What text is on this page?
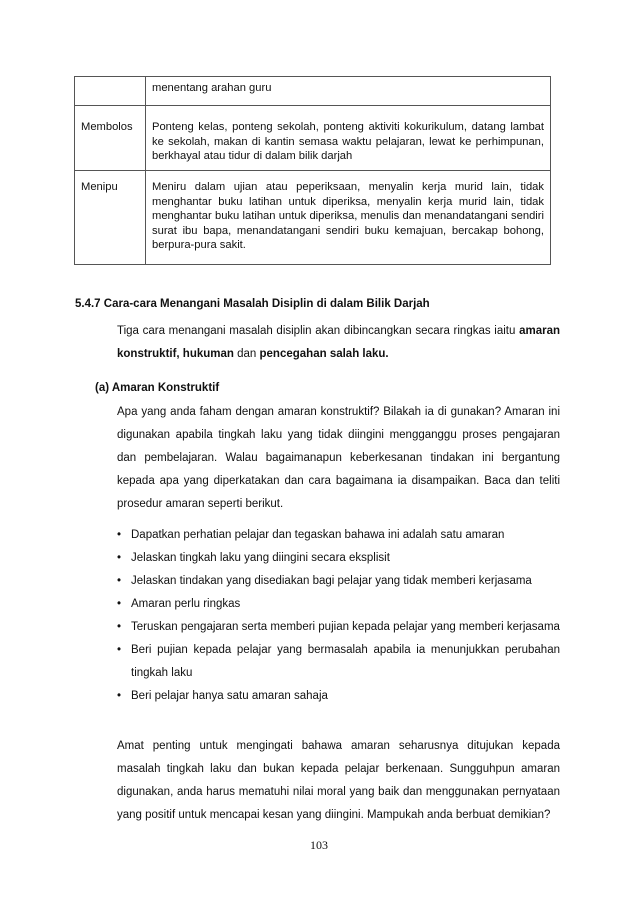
	menentang arahan guru
Membolos	Ponteng kelas, ponteng sekolah, ponteng aktiviti kokurikulum, datang lambat ke sekolah, makan di kantin semasa waktu pelajaran, lewat ke perhimpunan, berkhayal atau tidur di dalam bilik darjah
Menipu	Meniru dalam ujian atau peperiksaan, menyalin kerja murid lain, tidak menghantar buku latihan untuk diperiksa, menyalin kerja murid lain, tidak menghantar buku latihan untuk diperiksa, menulis dan menandatangani sendiri surat ibu bapa, menandatangani sendiri buku kemajuan, bercakap bohong, berpura-pura sakit.
5.4.7 Cara-cara Menangani Masalah Disiplin di dalam Bilik Darjah
Tiga cara menangani masalah disiplin akan dibincangkan secara ringkas iaitu amaran konstruktif, hukuman dan pencegahan salah laku.
(a) Amaran Konstruktif
Apa yang anda faham dengan amaran konstruktif? Bilakah ia di gunakan? Amaran ini digunakan apabila tingkah laku yang tidak diingini mengganggu proses pengajaran dan pembelajaran. Walau bagaimanapun keberkesanan tindakan ini bergantung kepada apa yang diperkatakan dan cara bagaimana ia disampaikan. Baca dan teliti prosedur amaran seperti berikut.
• Dapatkan perhatian pelajar dan tegaskan bahawa ini adalah satu amaran
• Jelaskan tingkah laku yang diingini secara eksplisit
• Jelaskan tindakan yang disediakan bagi pelajar yang tidak memberi kerjasama
• Amaran perlu ringkas
• Teruskan pengajaran serta memberi pujian kepada pelajar yang memberi kerjasama
• Beri pujian kepada pelajar yang bermasalah apabila ia menunjukkan perubahan tingkah laku
• Beri pelajar hanya satu amaran sahaja
Amat penting untuk mengingati bahawa amaran seharusnya ditujukan kepada masalah tingkah laku dan bukan kepada pelajar berkenaan. Sungguhpun amaran digunakan, anda harus mematuhi nilai moral yang baik dan menggunakan pernyataan yang positif untuk mencapai kesan yang diingini. Mampukah anda berbuat demikian?
103
